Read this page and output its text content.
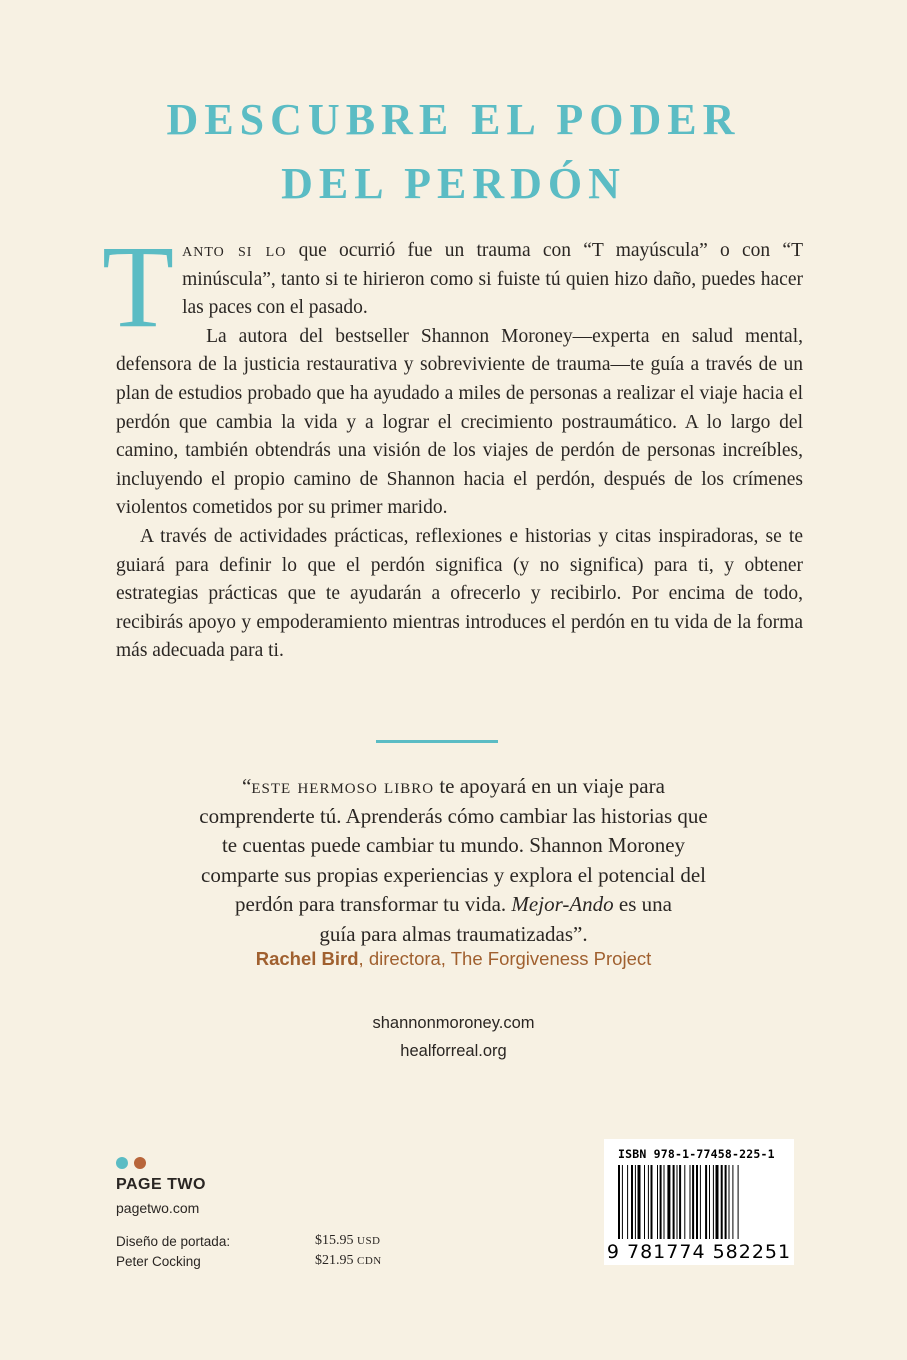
DESCUBRE EL PODER
DEL PERDÓN

Tanto si lo que ocurrió fue un trauma con “T mayúscula” o con “T minúscula”, tanto si te hirieron como si fuiste tú quien hizo daño, puedes hacer las paces con el pasado.

La autora del bestseller Shannon Moroney—experta en salud mental, defensora de la justicia restaurativa y sobreviviente de trauma—te guía a través de un plan de estudios probado que ha ayudado a miles de personas a realizar el viaje hacia el perdón que cambia la vida y a lograr el crecimiento postraumático. A lo largo del camino, también obtendrás una visión de los viajes de perdón de personas increíbles, incluyendo el propio camino de Shannon hacia el perdón, después de los crímenes violentos cometidos por su primer marido.

A través de actividades prácticas, reflexiones e historias y citas inspiradoras, se te guiará para definir lo que el perdón significa (y no significa) para ti, y obtener estrategias prácticas que te ayudarán a ofrecerlo y recibirlo. Por encima de todo, recibirás apoyo y empoderamiento mientras introduces el perdón en tu vida de la forma más adecuada para ti.

“este hermoso libro te apoyará en un viaje para
comprenderte tú. Aprenderás cómo cambiar las historias que
te cuentas puede cambiar tu mundo. Shannon Moroney
comparte sus propias experiencias y explora el potencial del
perdón para transformar tu vida. Mejor-Ando es una
guía para almas traumatizadas”.
Rachel Bird, directora, The Forgiveness Project
shannonmoroney.com
healforreal.org
PAGE TWO
pagetwo.com
Diseño de portada:
Peter Cocking
$15.95 USD
$21.95 CDN
ISBN 978-1-77458-225-1
9 781774 582251
